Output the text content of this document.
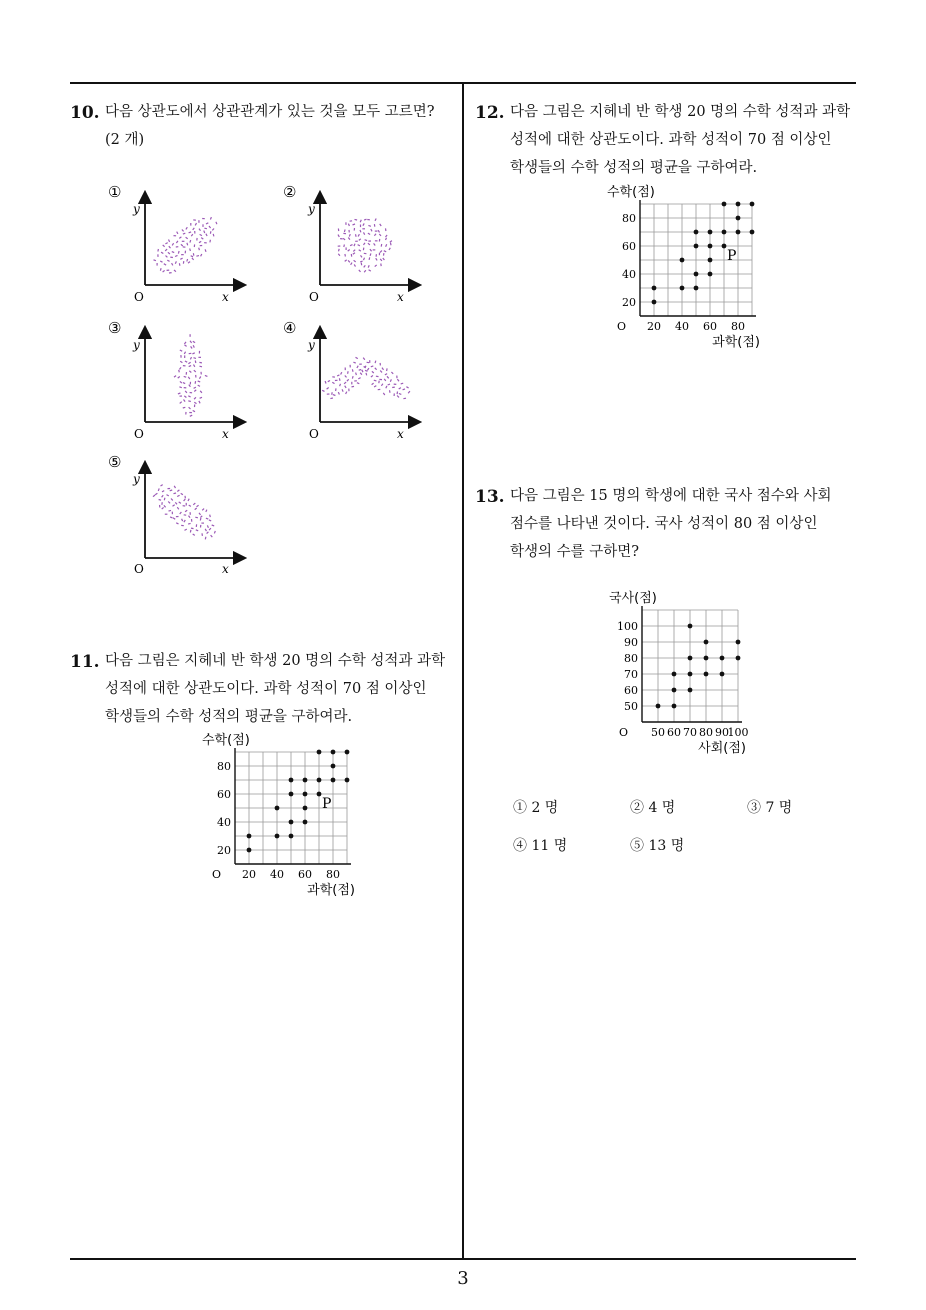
10. 다음 상관도에서 상관관계가 있는 것을 모두 고르면?
(2 개)
①
y
x
O
②
y
x
O
③
y
x
O
④
y
x
O
⑤
y
x
O
11. 다음 그림은 지헤네 반 학생 20 명의 수학 성적과 과학
성적에 대한 상관도이다. 과학 성적이 70 점 이상인
학생들의 수학 성적의 평균을 구하여라.
20 40 60 80
20
40
60
80
O
수학(점)
과학(점)
P
12. 다음 그림은 지헤네 반 학생 20 명의 수학 성적과 과학
성적에 대한 상관도이다. 과학 성적이 70 점 이상인
학생들의 수학 성적의 평균을 구하여라.
20 40 60 80
20
40
60
80
O
수학(점)
과학(점)
P
13. 다음 그림은 15 명의 학생에 대한 국사 점수와 사회
점수를 나타낸 것이다. 국사 성적이 80 점 이상인
학생의 수를 구하면?
50 60 70 80 90
100
50
60
70
80
90
100
O
국사(점)
사회(점)
① 2 명	② 4 명	③ 7 명
④ 11 명	⑤ 13 명
3
